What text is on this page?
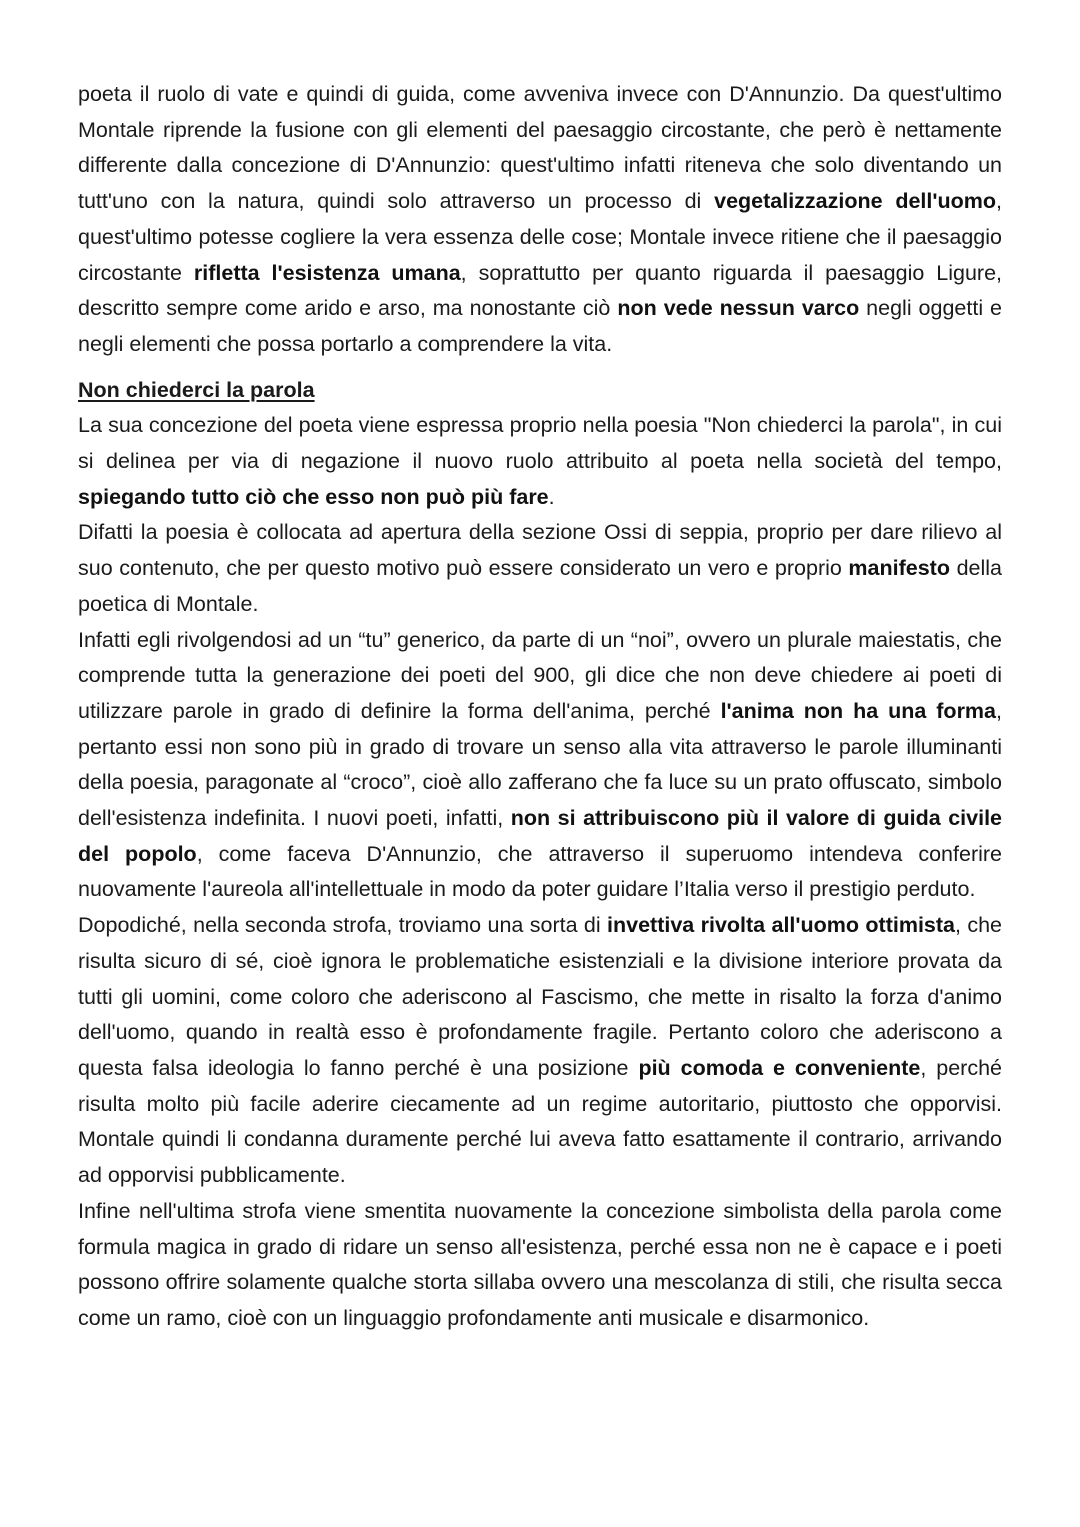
poeta il ruolo di vate e quindi di guida, come avveniva invece con D'Annunzio. Da quest'ultimo Montale riprende la fusione con gli elementi del paesaggio circostante, che però è nettamente differente dalla concezione di D'Annunzio: quest'ultimo infatti riteneva che solo diventando un tutt'uno con la natura, quindi solo attraverso un processo di vegetalizzazione dell'uomo, quest'ultimo potesse cogliere la vera essenza delle cose; Montale invece ritiene che il paesaggio circostante rifletta l'esistenza umana, soprattutto per quanto riguarda il paesaggio Ligure, descritto sempre come arido e arso, ma nonostante ciò non vede nessun varco negli oggetti e negli elementi che possa portarlo a comprendere la vita.

Non chiederci la parola

La sua concezione del poeta viene espressa proprio nella poesia "Non chiederci la parola", in cui si delinea per via di negazione il nuovo ruolo attribuito al poeta nella società del tempo, spiegando tutto ciò che esso non può più fare.

Difatti la poesia è collocata ad apertura della sezione Ossi di seppia, proprio per dare rilievo al suo contenuto, che per questo motivo può essere considerato un vero e proprio manifesto della poetica di Montale.

Infatti egli rivolgendosi ad un “tu” generico, da parte di un “noi”, ovvero un plurale maiestatis, che comprende tutta la generazione dei poeti del 900, gli dice che non deve chiedere ai poeti di utilizzare parole in grado di definire la forma dell'anima, perché l'anima non ha una forma, pertanto essi non sono più in grado di trovare un senso alla vita attraverso le parole illuminanti della poesia, paragonate al “croco”, cioè allo zafferano che fa luce su un prato offuscato, simbolo dell'esistenza indefinita. I nuovi poeti, infatti, non si attribuiscono più il valore di guida civile del popolo, come faceva D'Annunzio, che attraverso il superuomo intendeva conferire nuovamente l'aureola all'intellettuale in modo da poter guidare l’Italia verso il prestigio perduto.

Dopodiché, nella seconda strofa, troviamo una sorta di invettiva rivolta all'uomo ottimista, che risulta sicuro di sé, cioè ignora le problematiche esistenziali e la divisione interiore provata da tutti gli uomini, come coloro che aderiscono al Fascismo, che mette in risalto la forza d'animo dell'uomo, quando in realtà esso è profondamente fragile. Pertanto coloro che aderiscono a questa falsa ideologia lo fanno perché è una posizione più comoda e conveniente, perché risulta molto più facile aderire ciecamente ad un regime autoritario, piuttosto che opporvisi. Montale quindi li condanna duramente perché lui aveva fatto esattamente il contrario, arrivando ad opporvisi pubblicamente.

Infine nell'ultima strofa viene smentita nuovamente la concezione simbolista della parola come formula magica in grado di ridare un senso all'esistenza, perché essa non ne è capace e i poeti possono offrire solamente qualche storta sillaba ovvero una mescolanza di stili, che risulta secca come un ramo, cioè con un linguaggio profondamente anti musicale e disarmonico.
